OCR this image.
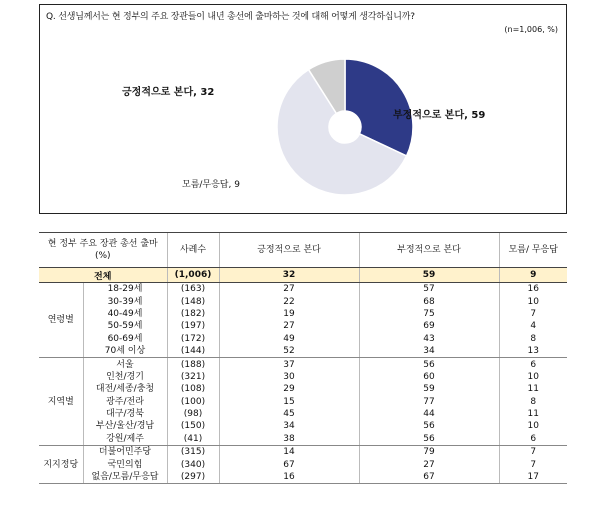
Q. 선생님께서는 현 정부의 주요 장관들이 내년 총선에 출마하는 것에 대해 어떻게 생각하십니까?
(n=1,006, %)
긍정적으로 본다, 32
부정적으로 본다, 59
모름/무응답, 9
현 정부 주요 장관 총선 출마 (%)		사례수	긍정적으로 본다	부정적으로 본다	모름/ 무응답
전체		(1,006)	32	59	9
연령별	18-29세	(163)	27	57	16
	30-39세	(148)	22	68	10
	40-49세	(182)	19	75	7
	50-59세	(197)	27	69	4
	60-69세	(172)	49	43	8
	70세 이상	(144)	52	34	13
지역별	서울	(188)	37	56	6
	인천/경기	(321)	30	60	10
	대전/세종/충청	(108)	29	59	11
	광주/전라	(100)	15	77	8
	대구/경북	(98)	45	44	11
	부산/울산/경남	(150)	34	56	10
	강원/제주	(41)	38	56	6
지지정당	더불어민주당	(315)	14	79	7
	국민의힘	(340)	67	27	7
	없음/모름/무응답	(297)	16	67	17
